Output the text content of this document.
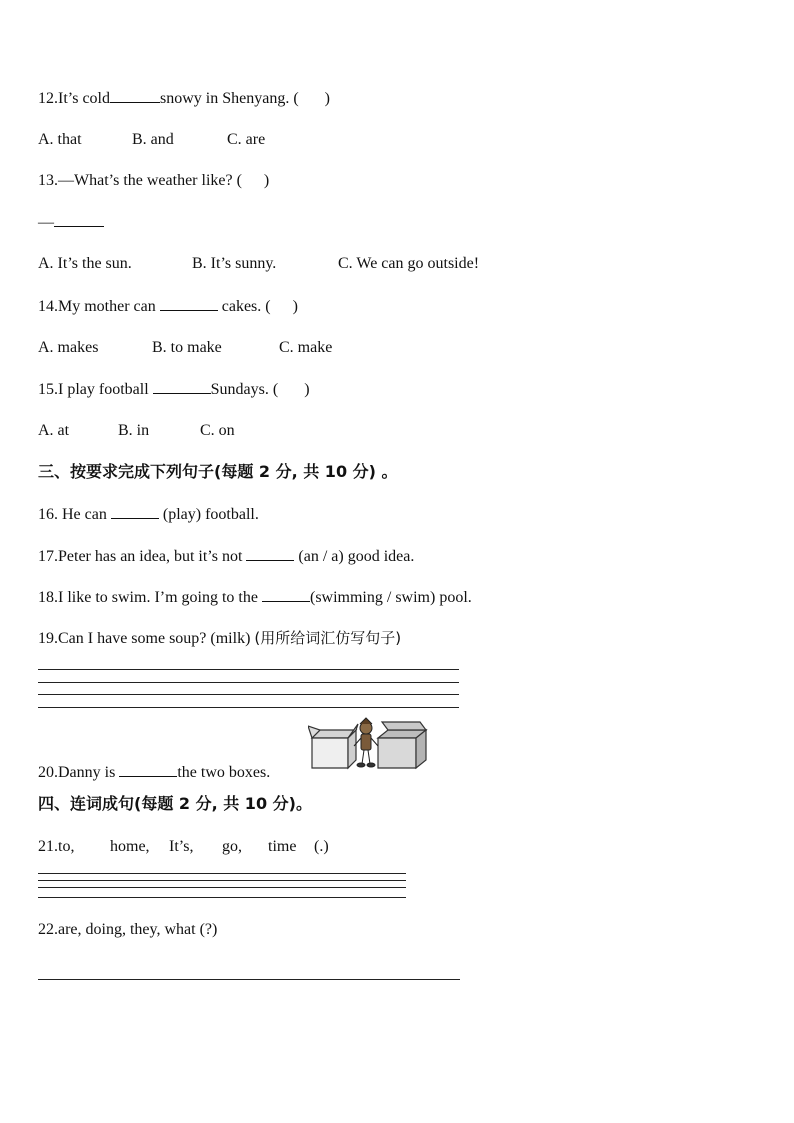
12.It’s cold	snowy in Shenyang. ( )
A. that	B. and	C. are
13.—What’s the weather like? ( )
—
A. It’s the sun.	B. It’s sunny.	C. We can go outside!
14.My mother can	cakes. ( )
A. makes	B. to make	C. make
15.I play football	Sundays. ( )
A. at	B. in	C. on
三、按要求完成下列句子(每题 2 分, 共 10 分) 。
16. He can	(play) football.
17.Peter has an idea, but it’s not	(an / a) good idea.
18.I like to swim. I’m going to the	(swimming / swim) pool.
19.Can I have some soup? (milk) (用所给词汇仿写句子)
20.Danny is	the two boxes.
四、连词成句(每题 2 分, 共 10 分)。
21.to, home, It’s, go, time (.)
22.are, doing, they, what (?)
